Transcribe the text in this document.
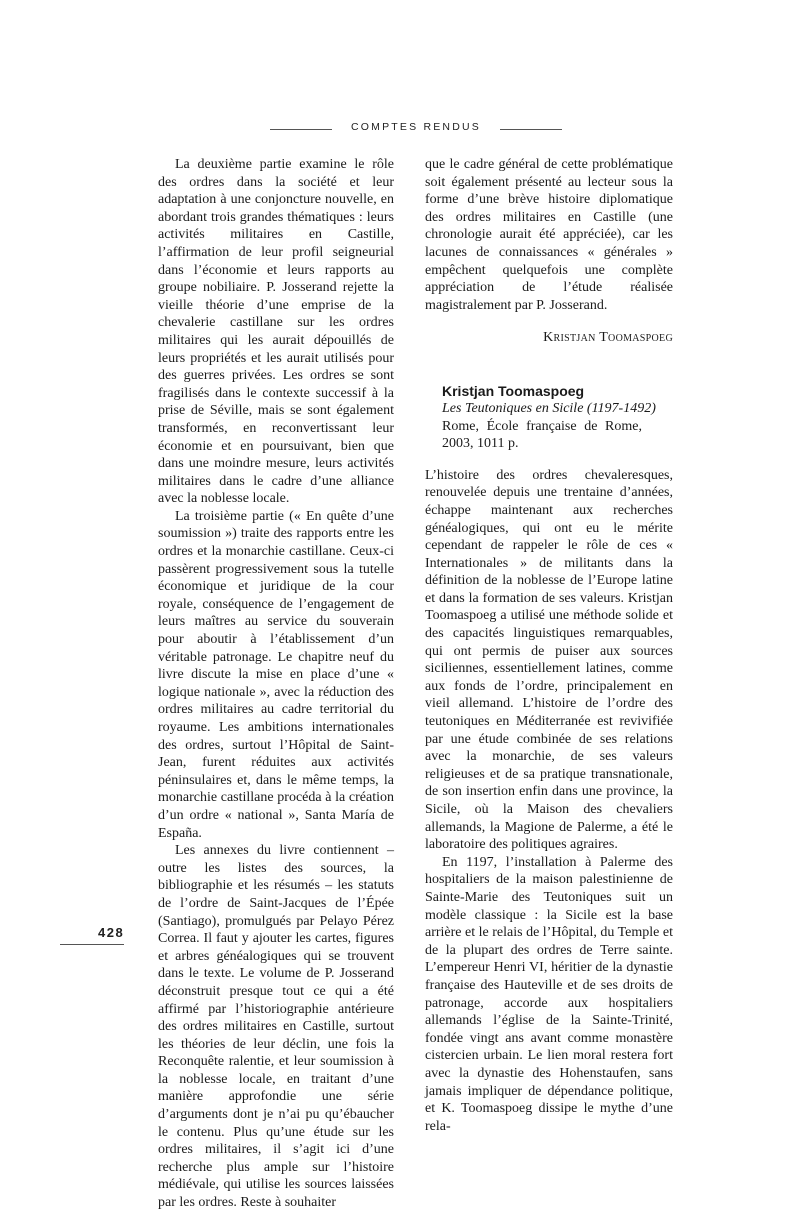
COMPTES RENDUS

La deuxième partie examine le rôle des ordres dans la société et leur adaptation à une conjoncture nouvelle, en abordant trois grandes thématiques : leurs activités militaires en Castille, l’affirmation de leur profil seigneurial dans l’économie et leurs rapports au groupe nobiliaire. P. Josserand rejette la vieille théorie d’une emprise de la chevalerie castillane sur les ordres militaires qui les aurait dépouillés de leurs propriétés et les aurait utilisés pour des guerres privées. Les ordres se sont fragilisés dans le contexte successif à la prise de Séville, mais se sont également transformés, en reconvertissant leur économie et en poursuivant, bien que dans une moindre mesure, leurs activités militaires dans le cadre d’une alliance avec la noblesse locale.

La troisième partie (« En quête d’une soumission ») traite des rapports entre les ordres et la monarchie castillane. Ceux-ci passèrent progressivement sous la tutelle économique et juridique de la cour royale, conséquence de l’engagement de leurs maîtres au service du souverain pour aboutir à l’établissement d’un véritable patronage. Le chapitre neuf du livre discute la mise en place d’une « logique nationale », avec la réduction des ordres militaires au cadre territorial du royaume. Les ambitions internationales des ordres, surtout l’Hôpital de Saint-Jean, furent réduites aux activités péninsulaires et, dans le même temps, la monarchie castillane procéda à la création d’un ordre « national », Santa María de España.

Les annexes du livre contiennent – outre les listes des sources, la bibliographie et les résumés – les statuts de l’ordre de Saint-Jacques de l’Épée (Santiago), promulgués par Pelayo Pérez Correa. Il faut y ajouter les cartes, figures et arbres généalogiques qui se trouvent dans le texte. Le volume de P. Josserand déconstruit presque tout ce qui a été affirmé par l’historiographie antérieure des ordres militaires en Castille, surtout les théories de leur déclin, une fois la Reconquête ralentie, et leur soumission à la noblesse locale, en traitant d’une manière approfondie une série d’arguments dont je n’ai pu qu’ébaucher le contenu. Plus qu’une étude sur les ordres militaires, il s’agit ici d’une recherche plus ample sur l’histoire médiévale, qui utilise les sources laissées par les ordres. Reste à souhaiter

que le cadre général de cette problématique soit également présenté au lecteur sous la forme d’une brève histoire diplomatique des ordres militaires en Castille (une chronologie aurait été appréciée), car les lacunes de connaissances « générales » empêchent quelquefois une complète appréciation de l’étude réalisée magistralement par P. Josserand.

Kristjan Toomaspoeg

Kristjan Toomaspoeg
Les Teutoniques en Sicile (1197-1492)
Rome, École française de Rome, 2003, 1011 p.

L’histoire des ordres chevaleresques, renouvelée depuis une trentaine d’années, échappe maintenant aux recherches généalogiques, qui ont eu le mérite cependant de rappeler le rôle de ces « Internationales » de militants dans la définition de la noblesse de l’Europe latine et dans la formation de ses valeurs. Kristjan Toomaspoeg a utilisé une méthode solide et des capacités linguistiques remarquables, qui ont permis de puiser aux sources siciliennes, essentiellement latines, comme aux fonds de l’ordre, principalement en vieil allemand. L’histoire de l’ordre des teutoniques en Méditerranée est revivifiée par une étude combinée de ses relations avec la monarchie, de ses valeurs religieuses et de sa pratique transnationale, de son insertion enfin dans une province, la Sicile, où la Maison des chevaliers allemands, la Magione de Palerme, a été le laboratoire des politiques agraires.

En 1197, l’installation à Palerme des hospitaliers de la maison palestinienne de Sainte-Marie des Teutoniques suit un modèle classique : la Sicile est la base arrière et le relais de l’Hôpital, du Temple et de la plupart des ordres de Terre sainte. L’empereur Henri VI, héritier de la dynastie française des Hauteville et de ses droits de patronage, accorde aux hospitaliers allemands l’église de la Sainte-Trinité, fondée vingt ans avant comme monastère cistercien urbain. Le lien moral restera fort avec la dynastie des Hohenstaufen, sans jamais impliquer de dépendance politique, et K. Toomaspoeg dissipe le mythe d’une rela-

428
